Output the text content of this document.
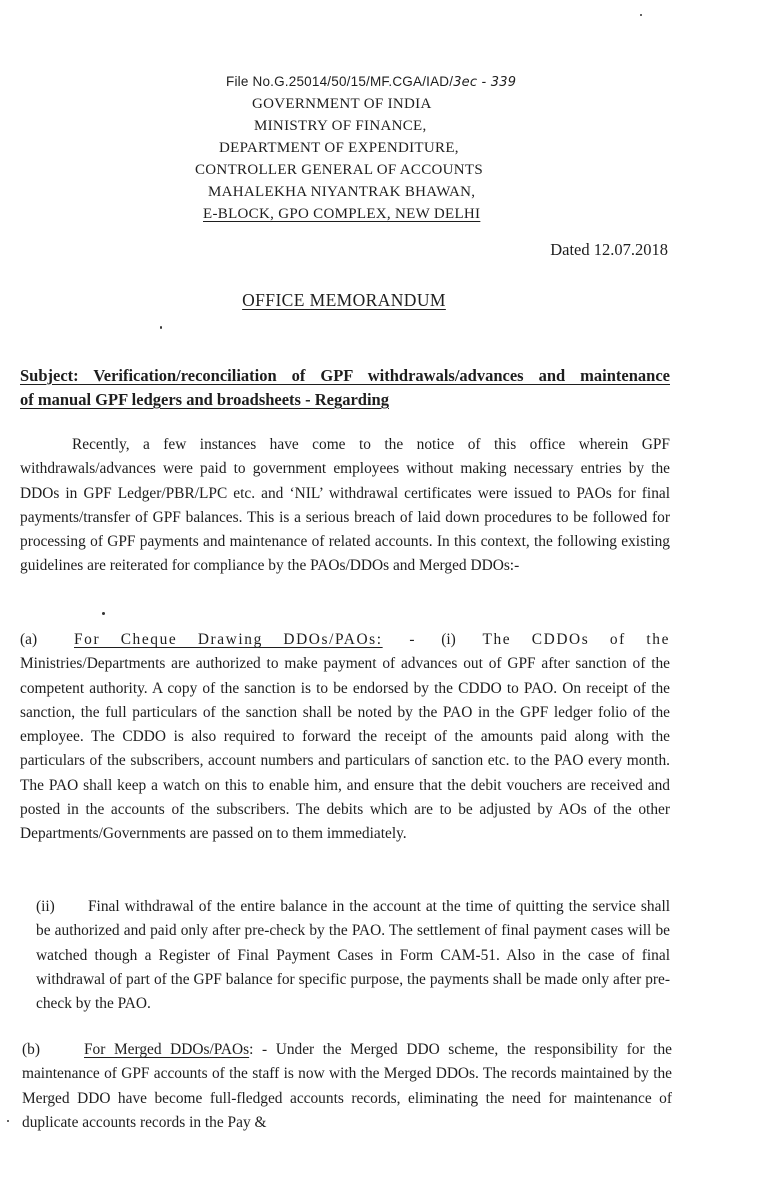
File No.G.25014/50/15/MF.CGA/IAD/3ec - 339
GOVERNMENT OF INDIA
MINISTRY OF FINANCE,
DEPARTMENT OF EXPENDITURE,
CONTROLLER GENERAL OF ACCOUNTS
MAHALEKHA NIYANTRAK BHAWAN,
E-BLOCK, GPO COMPLEX, NEW DELHI
Dated 12.07.2018
OFFICE MEMORANDUM
Subject: Verification/reconciliation of GPF withdrawals/advances and maintenance
of manual GPF ledgers and broadsheets - Regarding
Recently, a few instances have come to the notice of this office wherein GPF withdrawals/advances were paid to government employees without making necessary entries by the DDOs in GPF Ledger/PBR/LPC etc. and ‘NIL’ withdrawal certificates were issued to PAOs for final payments/transfer of GPF balances. This is a serious breach of laid down procedures to be followed for processing of GPF payments and maintenance of related accounts. In this context, the following existing guidelines are reiterated for compliance by the PAOs/DDOs and Merged DDOs:-
(a) For Cheque Drawing DDOs/PAOs: - (i) The CDDOs of the
Ministries/Departments are authorized to make payment of advances out of GPF after sanction of the competent authority. A copy of the sanction is to be endorsed by the CDDO to PAO. On receipt of the sanction, the full particulars of the sanction shall be noted by the PAO in the GPF ledger folio of the employee. The CDDO is also required to forward the receipt of the amounts paid along with the particulars of the subscribers, account numbers and particulars of sanction etc. to the PAO every month. The PAO shall keep a watch on this to enable him, and ensure that the debit vouchers are received and posted in the accounts of the subscribers. The debits which are to be adjusted by AOs of the other Departments/Governments are passed on to them immediately.
(ii) Final withdrawal of the entire balance in the account at the time of quitting the service shall be authorized and paid only after pre-check by the PAO. The settlement of final payment cases will be watched though a Register of Final Payment Cases in Form CAM-51. Also in the case of final withdrawal of part of the GPF balance for specific purpose, the payments shall be made only after pre-check by the PAO.
(b)	For Merged DDOs/PAOs: - Under the Merged DDO scheme, the responsibility for the maintenance of GPF accounts of the staff is now with the Merged DDOs. The records maintained by the Merged DDO have become full-fledged accounts records, eliminating the need for maintenance of duplicate accounts records in the Pay &
